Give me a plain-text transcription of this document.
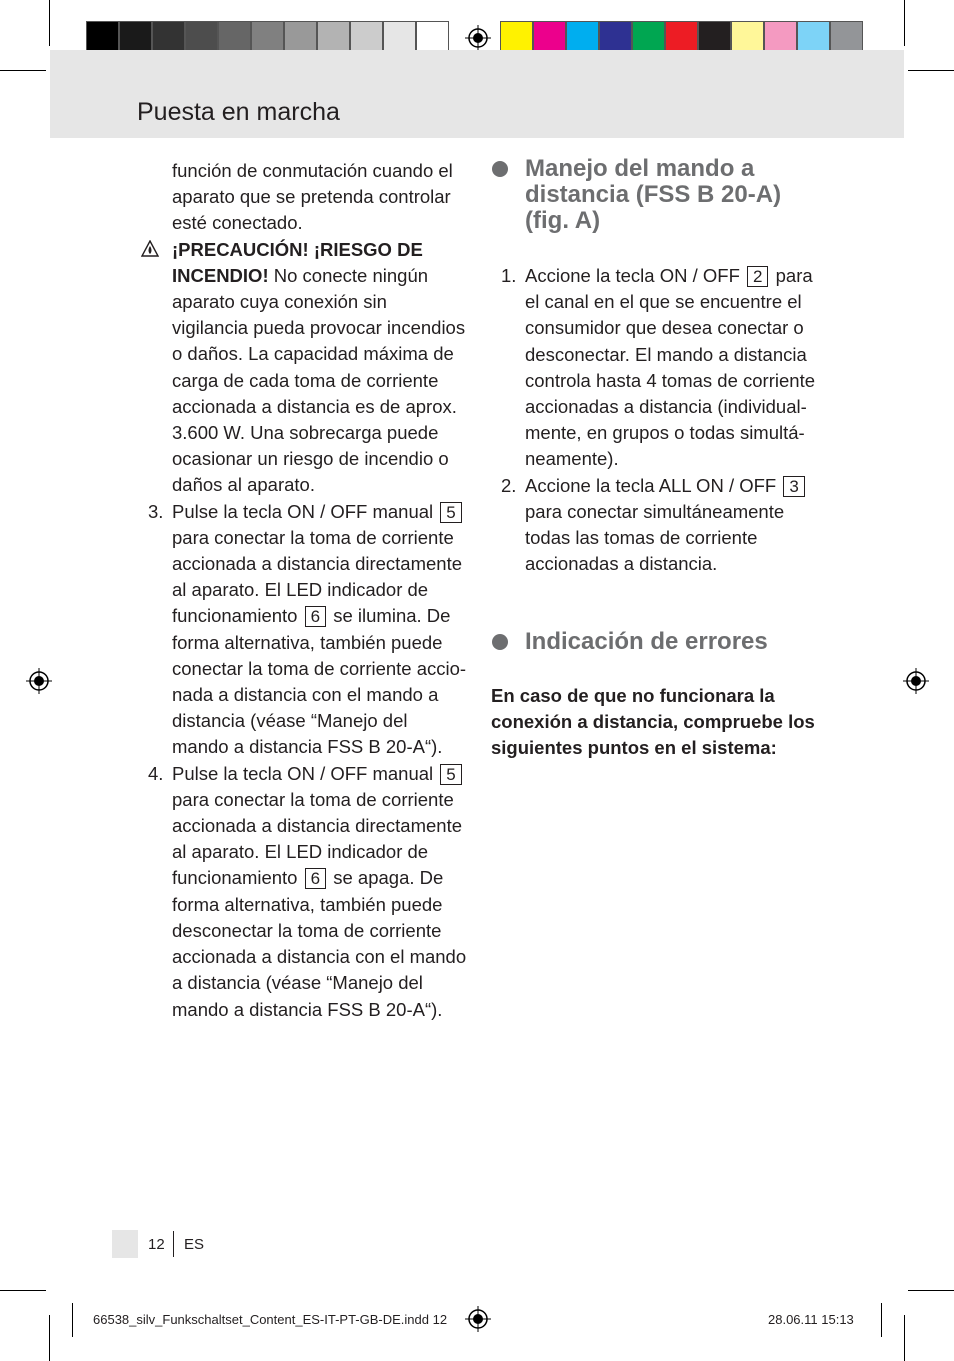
Puesta en marcha

función de conmutación cuando el aparato que se pretenda controlar esté conectado.

¡PRECAUCIÓN! ¡RIESGO DE INCENDIO! No conecte ningún aparato cuya conexión sin vigilancia pueda provocar incendios o daños. La capacidad máxima de carga de cada toma de corriente accionada a distancia es de aprox. 3.600 W. Una sobrecarga puede ocasionar un riesgo de incendio o daños al aparato.

3. Pulse la tecla ON / OFF manual 5 para conectar la toma de corriente accionada a distancia directamente al aparato. El LED indicador de funcionamiento 6 se ilumina. De forma alternativa, también puede conectar la toma de corriente accio-nada a distancia con el mando a distancia (véase “Manejo del mando a distancia FSS B 20-A“).
4. Pulse la tecla ON / OFF manual 5 para conectar la toma de corriente accionada a distancia directamente al aparato. El LED indicador de funcionamiento 6 se apaga. De forma alternativa, también puede desconectar la toma de corriente accionada a distancia con el mando a distancia (véase “Manejo del mando a distancia FSS B 20-A“).
Manejo del mando a distancia (FSS B 20-A) (fig. A)
1. Accione la tecla ON / OFF 2 para el canal en el que se encuentre el consumidor que desea conectar o desconectar. El mando a distancia controla hasta 4 tomas de corriente accionadas a distancia (individual-mente, en grupos o todas simultá-neamente).
2. Accione la tecla ALL ON / OFF 3 para conectar simultáneamente todas las tomas de corriente accionadas a distancia.
Indicación de errores
En caso de que no funcionara la conexión a distancia, compruebe los siguientes puntos en el sistema:
12 ES
66538_silv_Funkschaltset_Content_ES-IT-PT-GB-DE.indd 12	28.06.11 15:13
